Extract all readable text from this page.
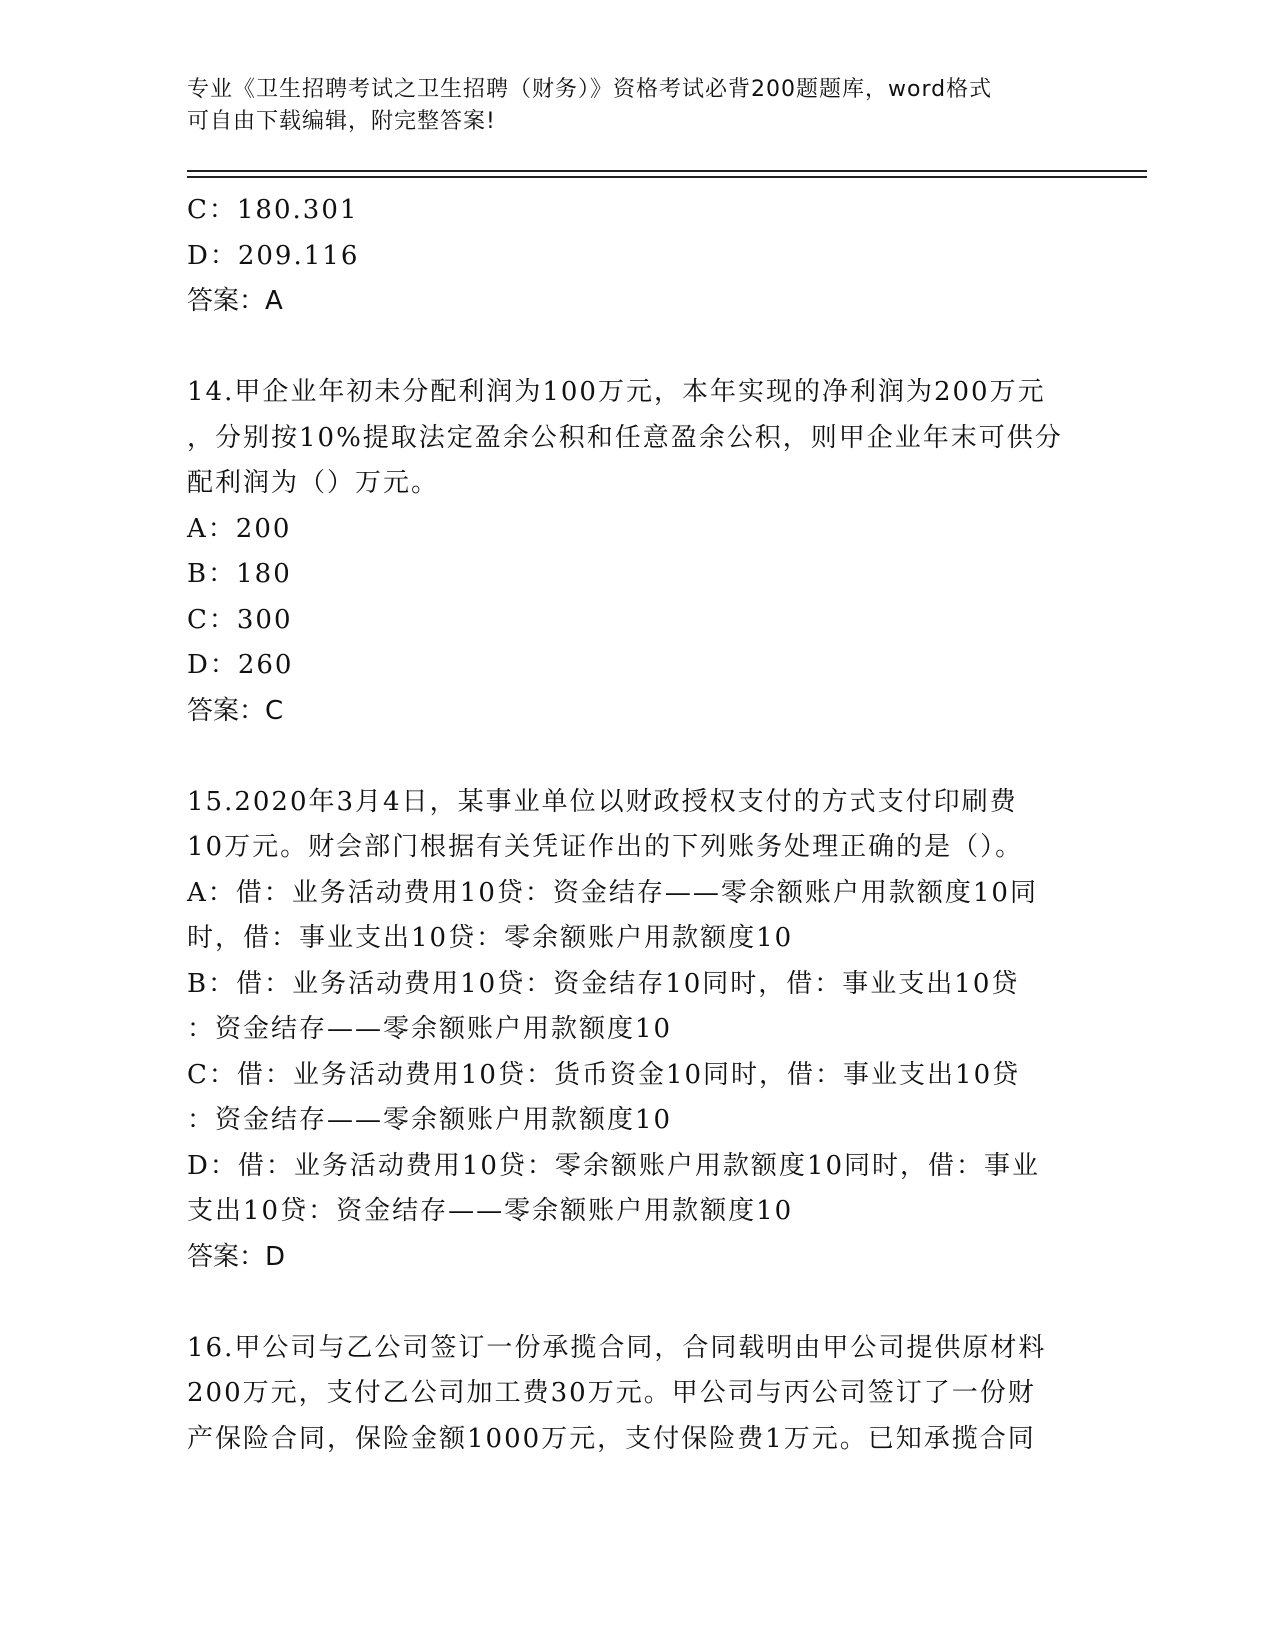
专业《卫生招聘考试之卫生招聘（财务）》资格考试必背200题题库，word格式
可自由下载编辑，附完整答案!
C：180.301
D：209.116
答案：A
14.甲企业年初未分配利润为100万元，本年实现的净利润为200万元
，分别按10%提取法定盈余公积和任意盈余公积，则甲企业年末可供分
配利润为（）万元。
A：200
B：180
C：300
D：260
答案：C
15.2020年3月4日，某事业单位以财政授权支付的方式支付印刷费
10万元。财会部门根据有关凭证作出的下列账务处理正确的是（）。
A：借：业务活动费用10贷：资金结存——零余额账户用款额度10同
时，借：事业支出10贷：零余额账户用款额度10
B：借：业务活动费用10贷：资金结存10同时，借：事业支出10贷
：资金结存——零余额账户用款额度10
C：借：业务活动费用10贷：货币资金10同时，借：事业支出10贷
：资金结存——零余额账户用款额度10
D：借：业务活动费用10贷：零余额账户用款额度10同时，借：事业
支出10贷：资金结存——零余额账户用款额度10
答案：D
16.甲公司与乙公司签订一份承揽合同，合同载明由甲公司提供原材料
200万元，支付乙公司加工费30万元。甲公司与丙公司签订了一份财
产保险合同，保险金额1000万元，支付保险费1万元。已知承揽合同
